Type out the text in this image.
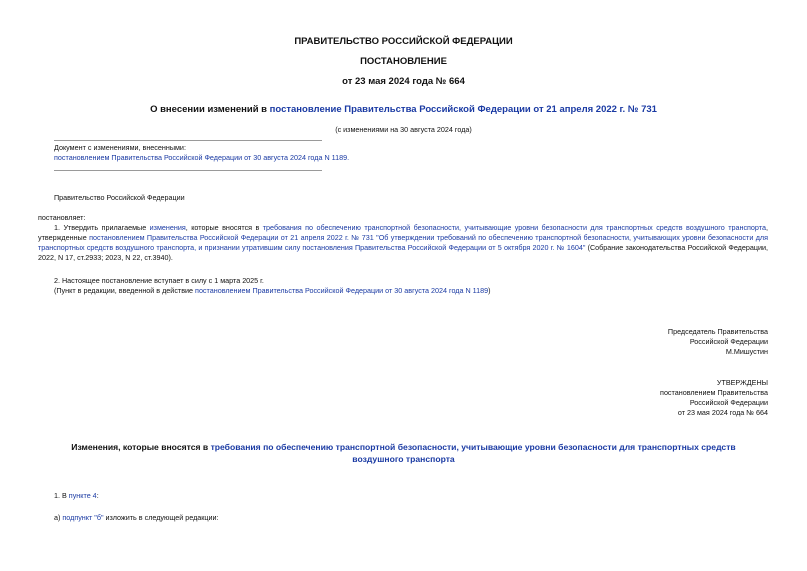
ПРАВИТЕЛЬСТВО РОССИЙСКОЙ ФЕДЕРАЦИИ
ПОСТАНОВЛЕНИЕ
от 23 мая 2024 года № 664
О внесении изменений в постановление Правительства Российской Федерации от 21 апреля 2022 г. № 731
(с изменениями на 30 августа 2024 года)
Документ с изменениями, внесенными:
постановлением Правительства Российской Федерации от 30 августа 2024 года N 1189.
Правительство Российской Федерации
постановляет:
1. Утвердить прилагаемые изменения, которые вносятся в требования по обеспечению транспортной безопасности, учитывающие уровни безопасности для транспортных средств воздушного транспорта, утвержденные постановлением Правительства Российской Федерации от 21 апреля 2022 г. № 731 "Об утверждении требований по обеспечению транспортной безопасности, учитывающих уровни безопасности для транспортных средств воздушного транспорта, и признании утратившим силу постановления Правительства Российской Федерации от 5 октября 2020 г. № 1604" (Собрание законодательства Российской Федерации, 2022, N 17, ст.2933; 2023, N 22, ст.3940).
2. Настоящее постановление вступает в силу с 1 марта 2025 г.
(Пункт в редакции, введенной в действие постановлением Правительства Российской Федерации от 30 августа 2024 года N 1189)
Председатель Правительства
Российской Федерации
М.Мишустин
УТВЕРЖДЕНЫ
постановлением Правительства
Российской Федерации
от 23 мая 2024 года № 664
Изменения, которые вносятся в требования по обеспечению транспортной безопасности, учитывающие уровни безопасности для транспортных средств
воздушного транспорта
1. В пункте 4:
а) подпункт "б" изложить в следующей редакции:
